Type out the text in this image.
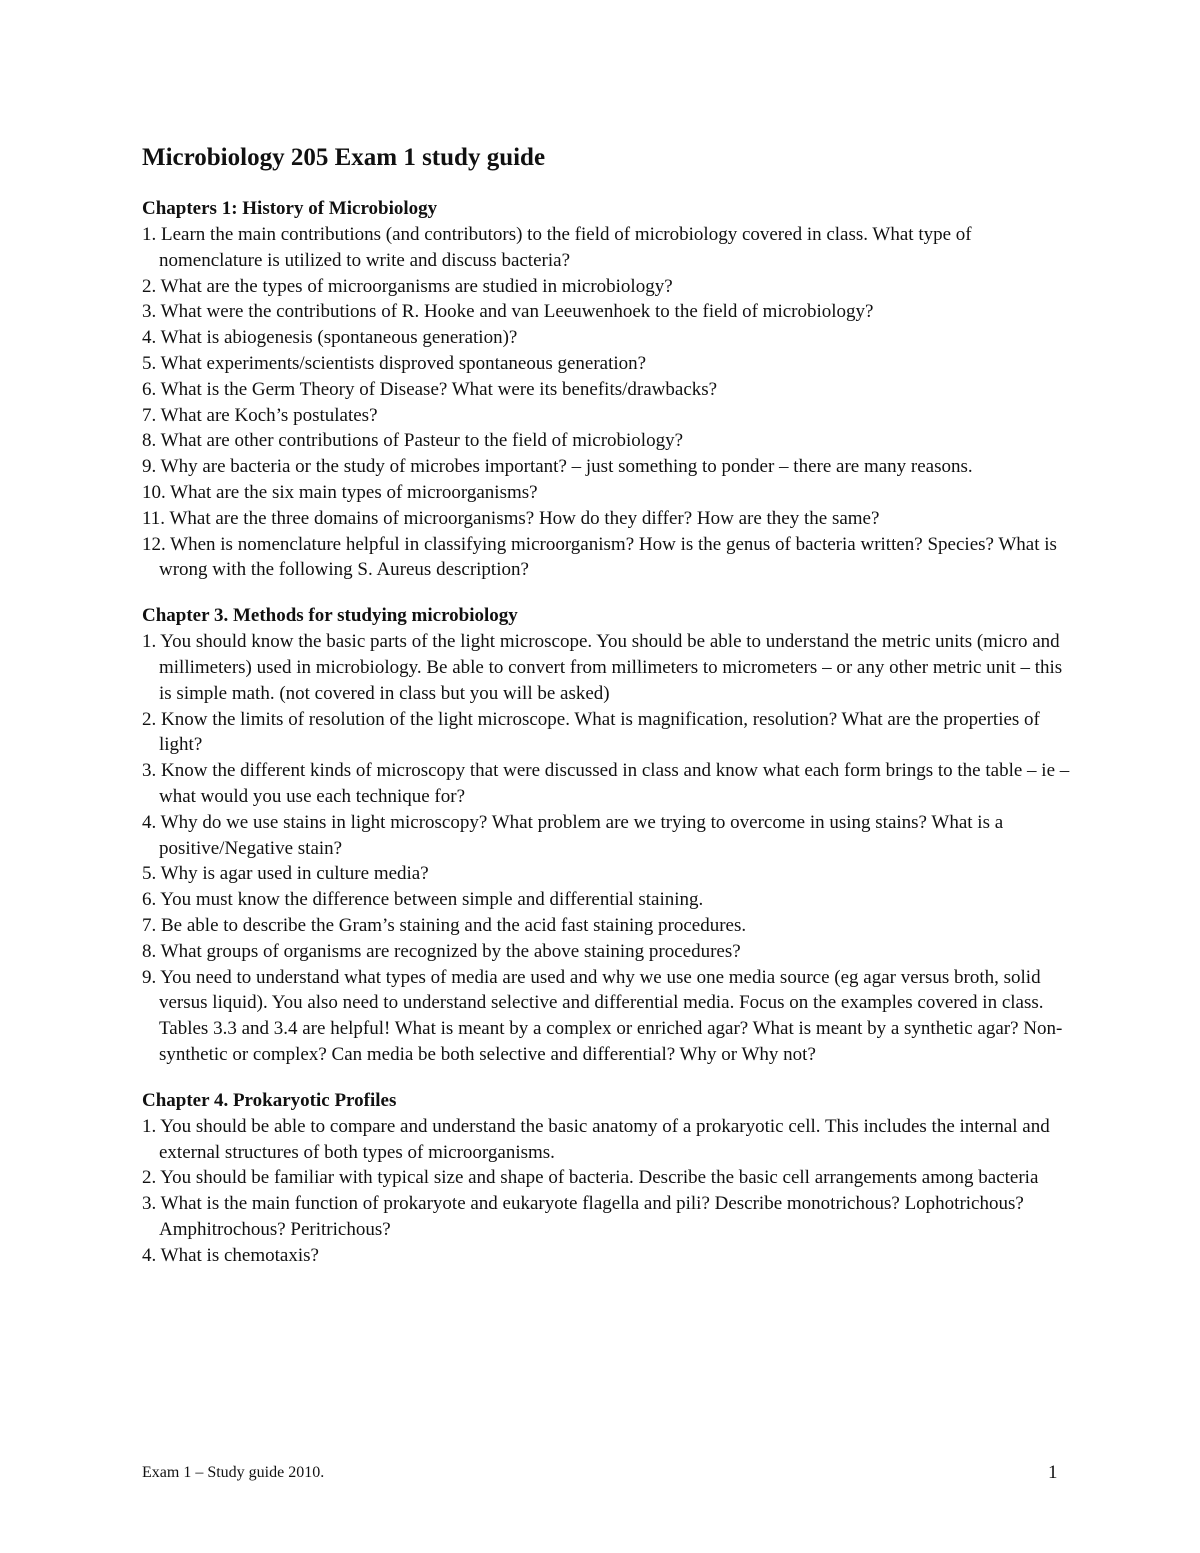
Microbiology 205 Exam 1 study guide
Chapters 1: History of Microbiology
1. Learn the main contributions (and contributors) to the field of microbiology covered in class. What type of nomenclature is utilized to write and discuss bacteria?
2. What are the types of microorganisms are studied in microbiology?
3. What were the contributions of R. Hooke and van Leeuwenhoek to the field of microbiology?
4. What is abiogenesis (spontaneous generation)?
5. What experiments/scientists disproved spontaneous generation?
6. What is the Germ Theory of Disease? What were its benefits/drawbacks?
7. What are Koch’s postulates?
8. What are other contributions of Pasteur to the field of microbiology?
9. Why are bacteria or the study of microbes important? – just something to ponder – there are many reasons.
10. What are the six main types of microorganisms?
11. What are the three domains of microorganisms? How do they differ? How are they the same?
12. When is nomenclature helpful in classifying microorganism? How is the genus of bacteria written? Species? What is wrong with the following S. Aureus description?
Chapter 3. Methods for studying microbiology
1. You should know the basic parts of the light microscope. You should be able to understand the metric units (micro and millimeters) used in microbiology. Be able to convert from millimeters to micrometers – or any other metric unit – this is simple math. (not covered in class but you will be asked)
2. Know the limits of resolution of the light microscope. What is magnification, resolution? What are the properties of light?
3. Know the different kinds of microscopy that were discussed in class and know what each form brings to the table – ie – what would you use each technique for?
4. Why do we use stains in light microscopy? What problem are we trying to overcome in using stains? What is a positive/Negative stain?
5. Why is agar used in culture media?
6. You must know the difference between simple and differential staining.
7. Be able to describe the Gram’s staining and the acid fast staining procedures.
8. What groups of organisms are recognized by the above staining procedures?
9. You need to understand what types of media are used and why we use one media source (eg agar versus broth, solid versus liquid). You also need to understand selective and differential media. Focus on the examples covered in class. Tables 3.3 and 3.4 are helpful! What is meant by a complex or enriched agar? What is meant by a synthetic agar? Non-synthetic or complex? Can media be both selective and differential? Why or Why not?
Chapter 4. Prokaryotic Profiles
1. You should be able to compare and understand the basic anatomy of a prokaryotic cell. This includes the internal and external structures of both types of microorganisms.
2. You should be familiar with typical size and shape of bacteria. Describe the basic cell arrangements among bacteria
3. What is the main function of prokaryote and eukaryote flagella and pili? Describe monotrichous? Lophotrichous? Amphitrochous? Peritrichous?
4. What is chemotaxis?
Exam 1 – Study guide 2010.	1
